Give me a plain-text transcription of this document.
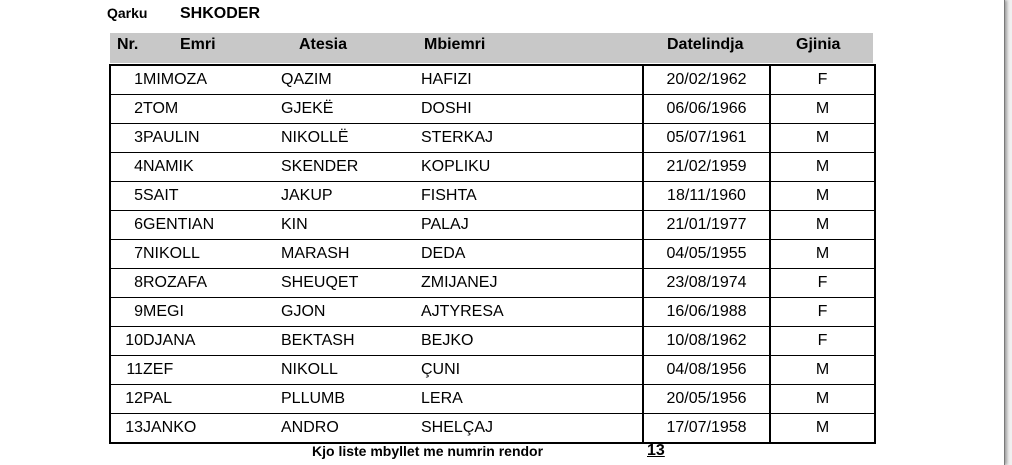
Qarku SHKODER
Nr.	Emri	Atesia	Mbiemri	Datelindja	Gjinia
1	MIMOZA	QAZIM	HAFIZI	20/02/1962	F
2	TOM	GJEKË	DOSHI	06/06/1966	M
3	PAULIN	NIKOLLË	STERKAJ	05/07/1961	M
4	NAMIK	SKENDER	KOPLIKU	21/02/1959	M
5	SAIT	JAKUP	FISHTA	18/11/1960	M
6	GENTIAN	KIN	PALAJ	21/01/1977	M
7	NIKOLL	MARASH	DEDA	04/05/1955	M
8	ROZAFA	SHEUQET	ZMIJANEJ	23/08/1974	F
9	MEGI	GJON	AJTYRESA	16/06/1988	F
10	DJANA	BEKTASH	BEJKO	10/08/1962	F
11	ZEF	NIKOLL	ÇUNI	04/08/1956	M
12	PAL	PLLUMB	LERA	20/05/1956	M
13	JANKO	ANDRO	SHELÇAJ	17/07/1958	M
Kjo liste mbyllet me numrin rendor	13
